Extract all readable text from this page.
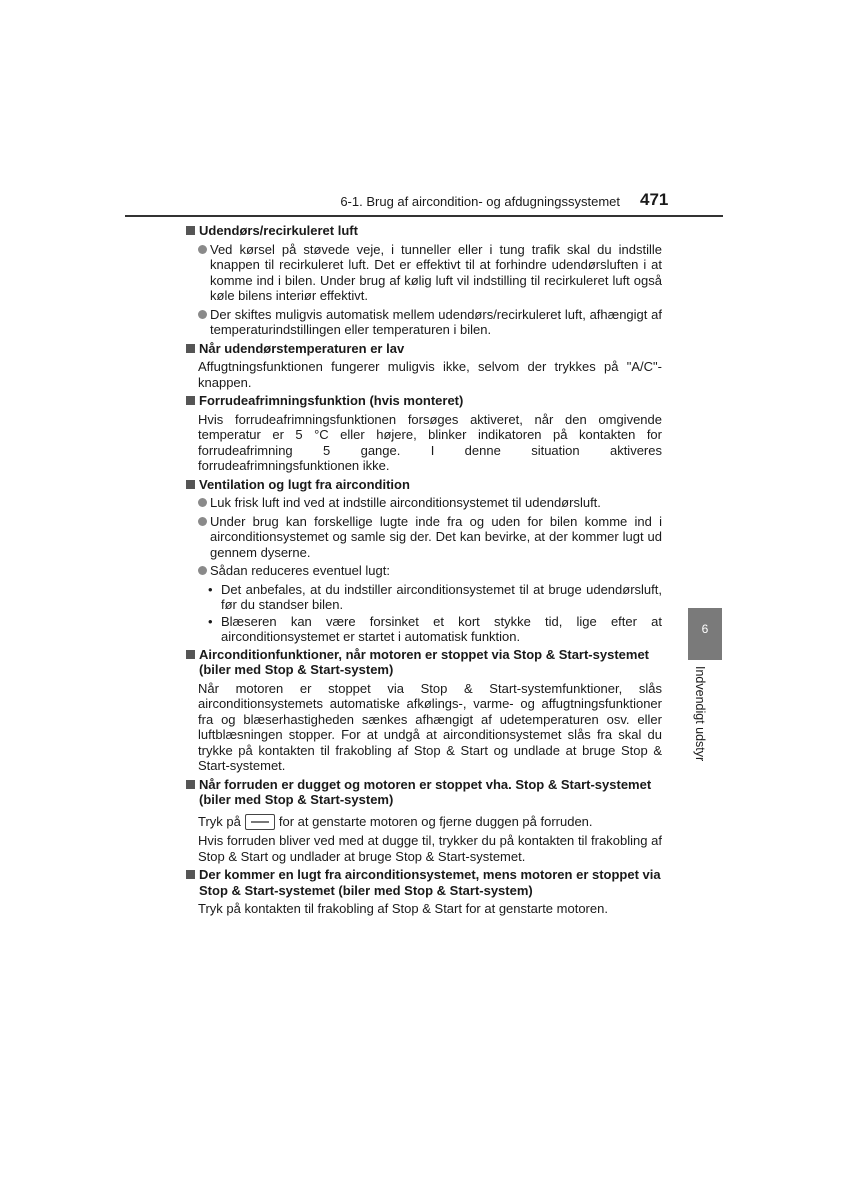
6-1. Brug af aircondition- og afdugningssystemet 471
6
Indvendigt udstyr
Udendørs/recirkuleret luft
Ved kørsel på støvede veje, i tunneller eller i tung trafik skal du indstille knappen til recirkuleret luft. Det er effektivt til at forhindre udendørsluften i at komme ind i bilen. Under brug af kølig luft vil indstilling til recirkuleret luft også køle bilens interiør effektivt.
Der skiftes muligvis automatisk mellem udendørs/recirkuleret luft, afhængigt af temperaturindstillingen eller temperaturen i bilen.
Når udendørstemperaturen er lav
Affugtningsfunktionen fungerer muligvis ikke, selvom der trykkes på "A/C"-knappen.
Forrudeafrimningsfunktion (hvis monteret)
Hvis forrudeafrimningsfunktionen forsøges aktiveret, når den omgivende temperatur er 5 °C eller højere, blinker indikatoren på kontakten for forrudeafrimning 5 gange. I denne situation aktiveres forrudeafrimningsfunktionen ikke.
Ventilation og lugt fra aircondition
Luk frisk luft ind ved at indstille airconditionsystemet til udendørsluft.
Under brug kan forskellige lugte inde fra og uden for bilen komme ind i airconditionsystemet og samle sig der. Det kan bevirke, at der kommer lugt ud gennem dyserne.
Sådan reduceres eventuel lugt:
• Det anbefales, at du indstiller airconditionsystemet til at bruge udendørsluft, før du standser bilen.
• Blæseren kan være forsinket et kort stykke tid, lige efter at airconditionsystemet er startet i automatisk funktion.
Airconditionfunktioner, når motoren er stoppet via Stop & Start-systemet (biler med Stop & Start-system)
Når motoren er stoppet via Stop & Start-systemfunktioner, slås airconditionsystemets automatiske afkølings-, varme- og affugtningsfunktioner fra og blæserhastigheden sænkes afhængigt af udetemperaturen osv. eller luftblæsningen stopper. For at undgå at airconditionsystemet slås fra skal du trykke på kontakten til frakobling af Stop & Start og undlade at bruge Stop & Start-systemet.
Når forruden er dugget og motoren er stoppet vha. Stop & Start-systemet (biler med Stop & Start-system)
Tryk på	for at genstarte motoren og fjerne duggen på forruden.
Hvis forruden bliver ved med at dugge til, trykker du på kontakten til frakobling af Stop & Start og undlader at bruge Stop & Start-systemet.
Der kommer en lugt fra airconditionsystemet, mens motoren er stoppet via Stop & Start-systemet (biler med Stop & Start-system)
Tryk på kontakten til frakobling af Stop & Start for at genstarte motoren.
